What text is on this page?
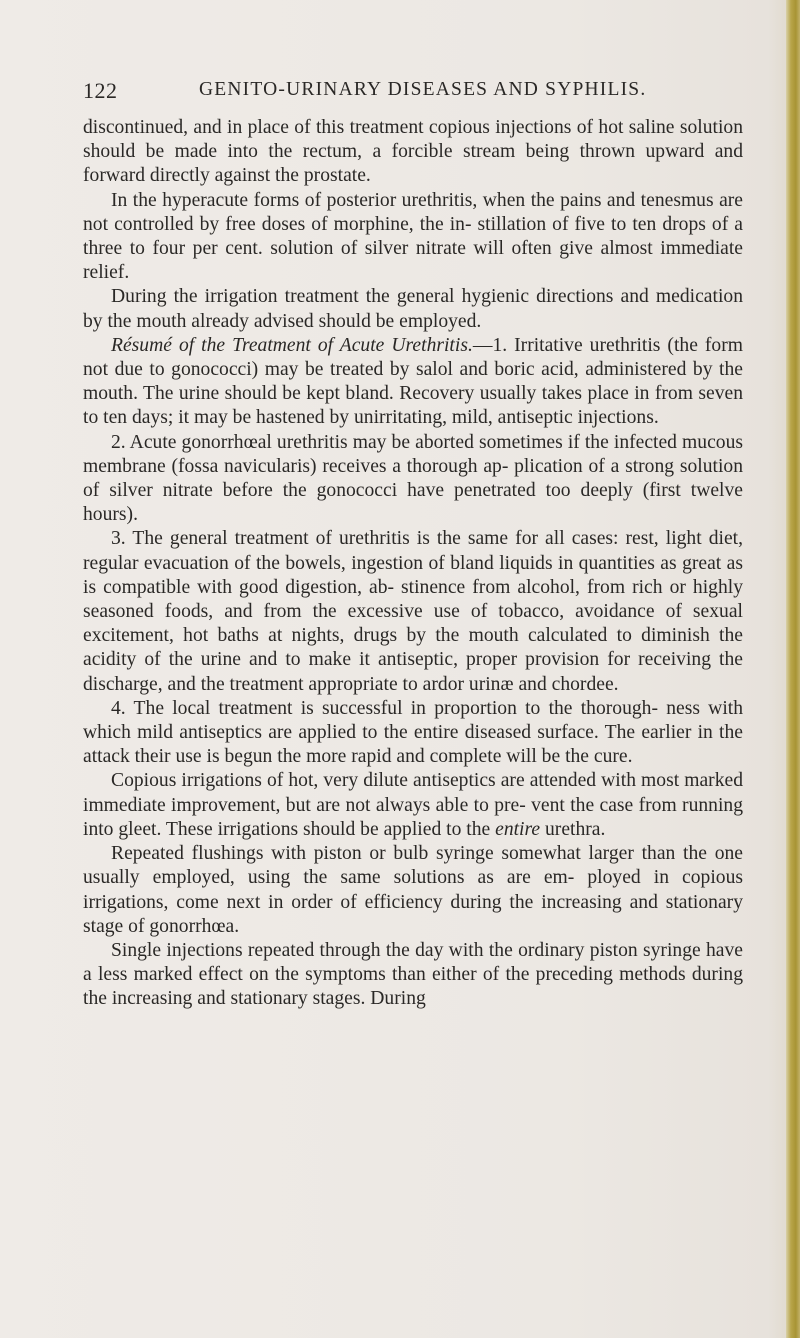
122	GENITO-URINARY DISEASES AND SYPHILIS.

discontinued, and in place of this treatment copious injections of hot saline solution should be made into the rectum, a forcible stream being thrown upward and forward directly against the prostate.

In the hyperacute forms of posterior urethritis, when the pains and tenesmus are not controlled by free doses of morphine, the in- stillation of five to ten drops of a three to four per cent. solution of silver nitrate will often give almost immediate relief.

During the irrigation treatment the general hygienic directions and medication by the mouth already advised should be employed.

Résumé of the Treatment of Acute Urethritis.—1. Irritative urethritis (the form not due to gonococci) may be treated by salol and boric acid, administered by the mouth. The urine should be kept bland. Recovery usually takes place in from seven to ten days; it may be hastened by unirritating, mild, antiseptic injections.

2. Acute gonorrhœal urethritis may be aborted sometimes if the infected mucous membrane (fossa navicularis) receives a thorough ap- plication of a strong solution of silver nitrate before the gonococci have penetrated too deeply (first twelve hours).

3. The general treatment of urethritis is the same for all cases: rest, light diet, regular evacuation of the bowels, ingestion of bland liquids in quantities as great as is compatible with good digestion, ab- stinence from alcohol, from rich or highly seasoned foods, and from the excessive use of tobacco, avoidance of sexual excitement, hot baths at nights, drugs by the mouth calculated to diminish the acidity of the urine and to make it antiseptic, proper provision for receiving the discharge, and the treatment appropriate to ardor urinæ and chordee.

4. The local treatment is successful in proportion to the thorough- ness with which mild antiseptics are applied to the entire diseased surface. The earlier in the attack their use is begun the more rapid and complete will be the cure.

Copious irrigations of hot, very dilute antiseptics are attended with most marked immediate improvement, but are not always able to pre- vent the case from running into gleet. These irrigations should be applied to the entire urethra.

Repeated flushings with piston or bulb syringe somewhat larger than the one usually employed, using the same solutions as are em- ployed in copious irrigations, come next in order of efficiency during the increasing and stationary stage of gonorrhœa.

Single injections repeated through the day with the ordinary piston syringe have a less marked effect on the symptoms than either of the preceding methods during the increasing and stationary stages. During
